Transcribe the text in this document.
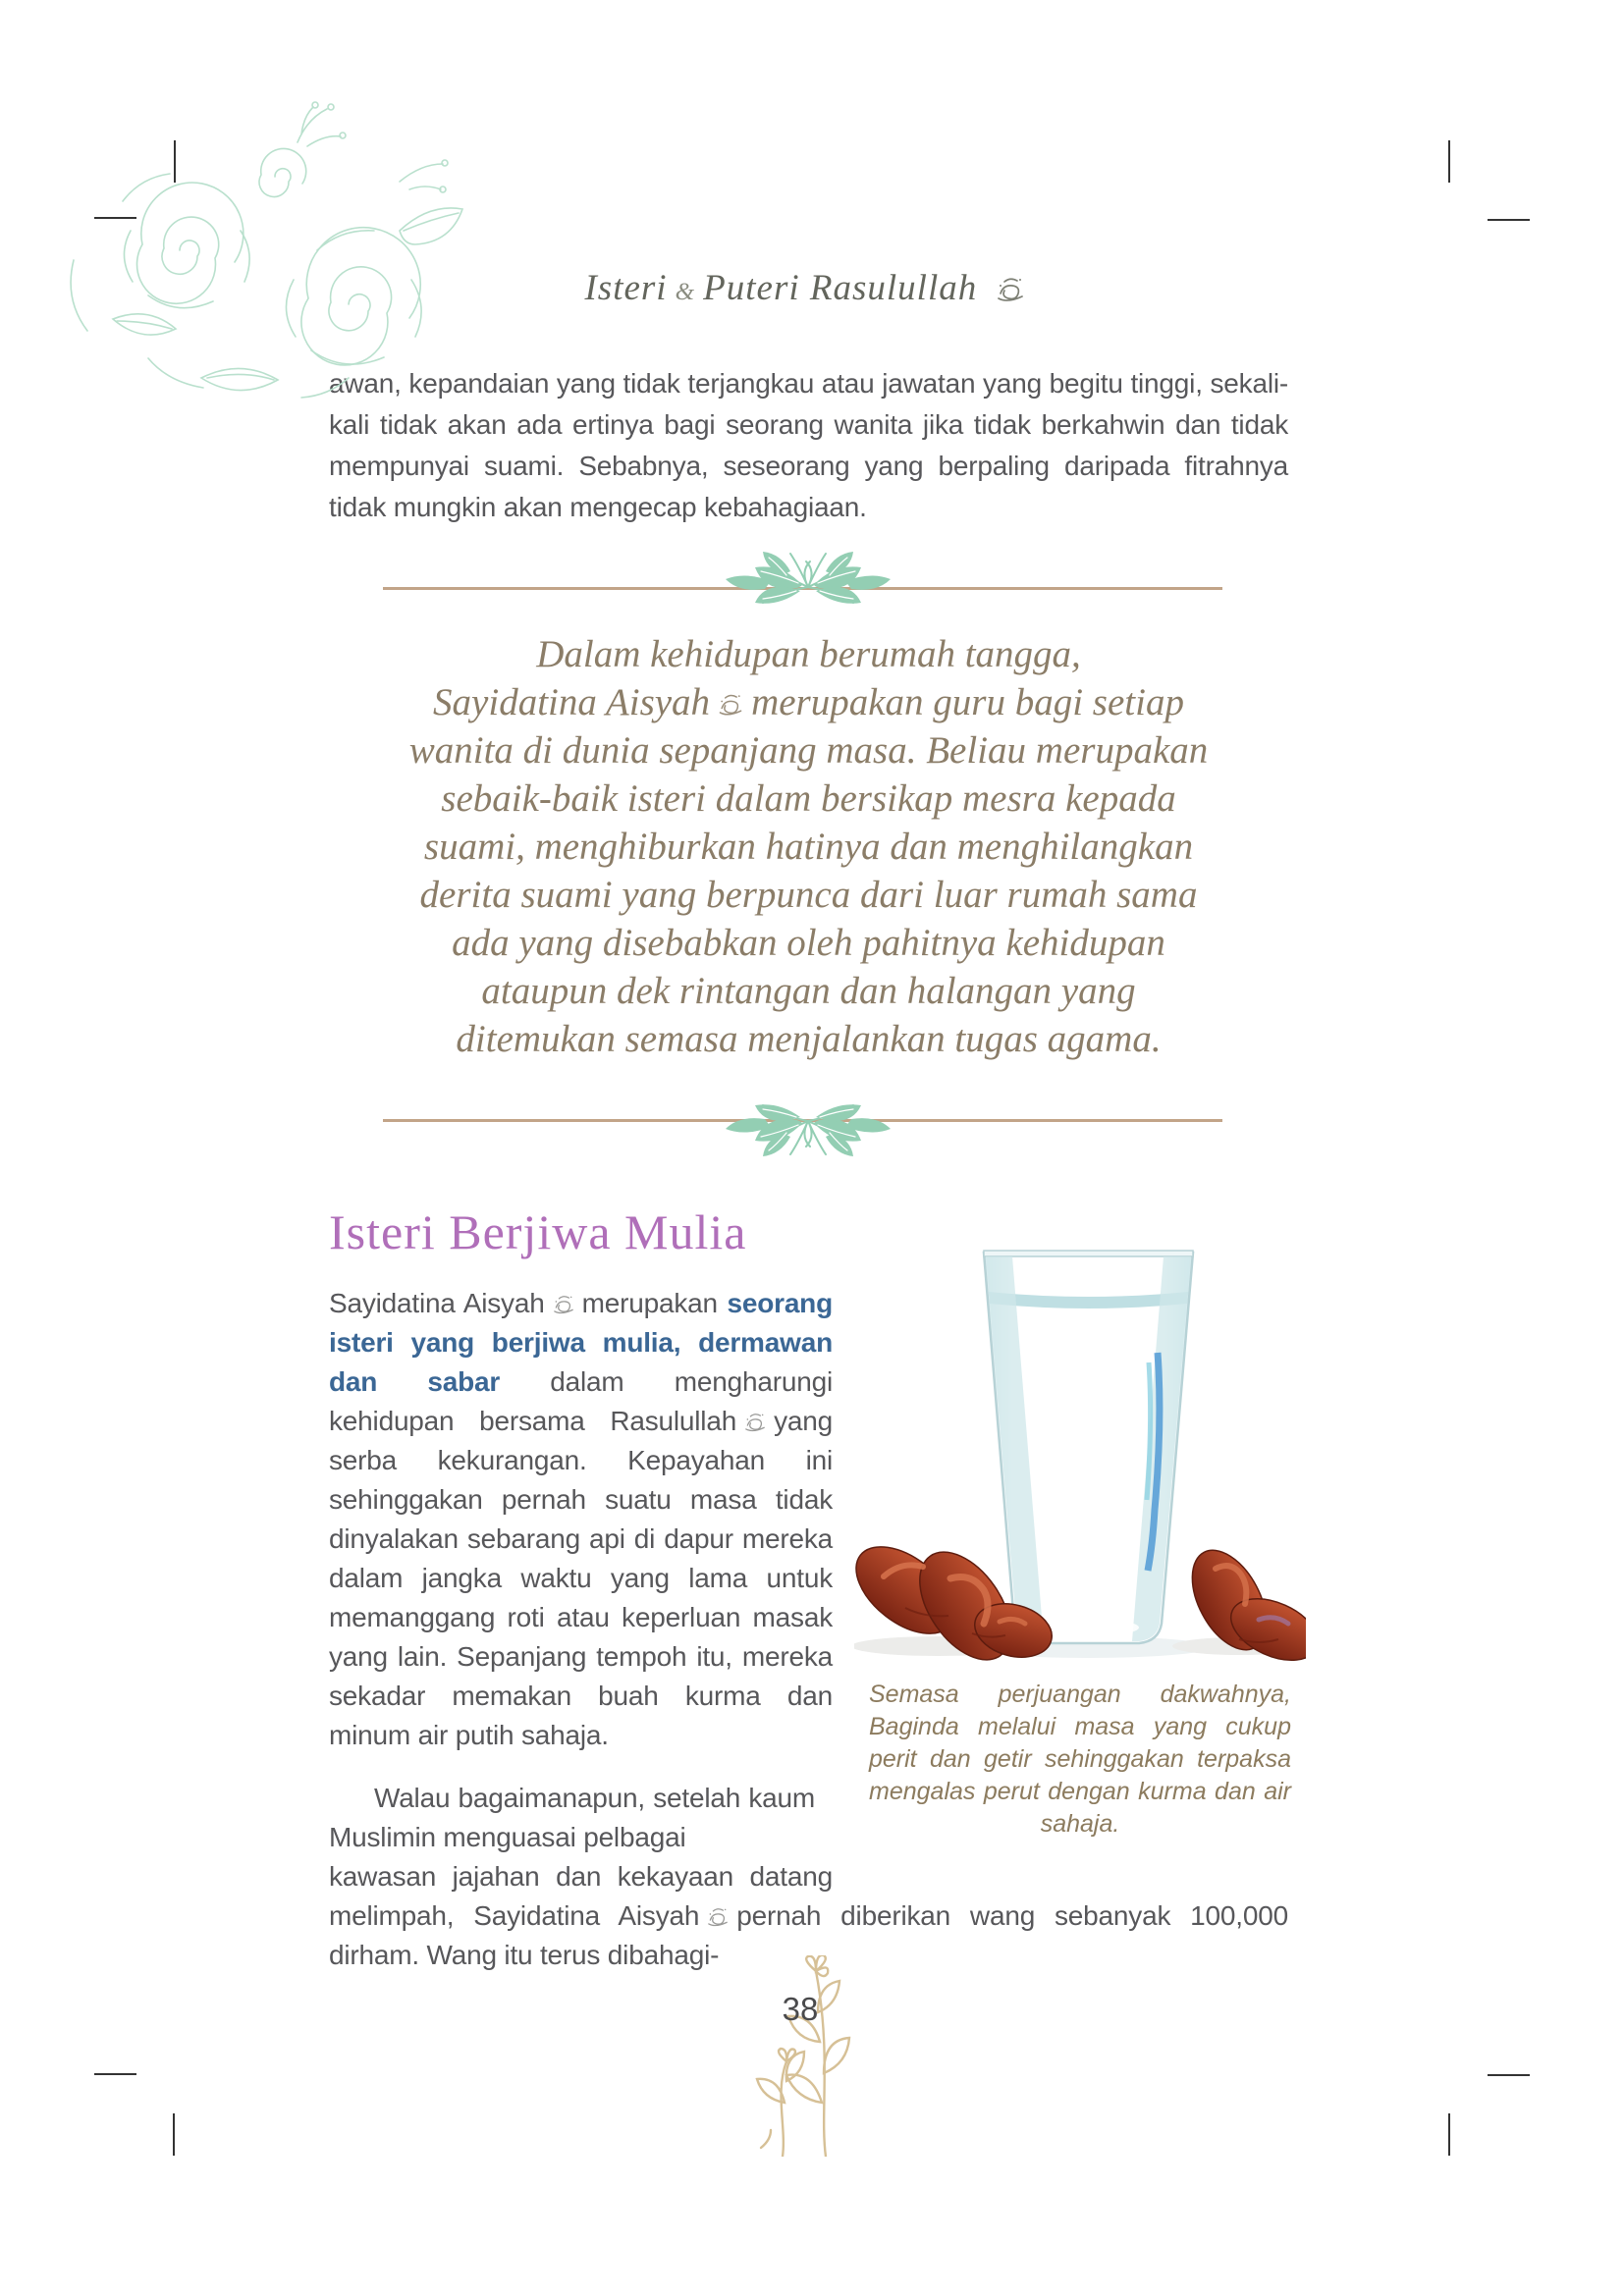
Isteri & Puteri Rasulullah

awan, kepandaian yang tidak terjangkau atau jawatan yang begitu tinggi, sekali-kali tidak akan ada ertinya bagi seorang wanita jika tidak berkahwin dan tidak mempunyai suami. Sebabnya, seseorang yang berpaling daripada fitrahnya tidak mungkin akan mengecap kebahagiaan.

Dalam kehidupan berumah tangga,

Sayidatina Aisyah merupakan guru bagi setiap

wanita di dunia sepanjang masa. Beliau merupakan

sebaik-baik isteri dalam bersikap mesra kepada

suami, menghiburkan hatinya dan menghilangkan

derita suami yang berpunca dari luar rumah sama

ada yang disebabkan oleh pahitnya kehidupan

ataupun dek rintangan dan halangan yang

ditemukan semasa menjalankan tugas agama.

Isteri Berjiwa Mulia

Semasa perjuangan dakwahnya, Baginda melalui masa yang cukup perit dan getir sehinggakan terpaksa mengalas perut dengan kurma dan air sahaja.

Sayidatina Aisyah merupakan seorang isteri yang berjiwa mulia, dermawan dan sabar dalam mengharungi kehidupan bersama Rasulullah yang serba kekurangan. Kepayahan ini sehinggakan pernah suatu masa tidak dinyalakan sebarang api di dapur mereka dalam jangka waktu yang lama untuk memanggang roti atau keperluan masak yang lain. Sepanjang tempoh itu, mereka sekadar memakan buah kurma dan minum air putih sahaja.

Walau bagaimanapun, setelah kaum Muslimin menguasai pelbagai

kawasan jajahan dan kekayaan datang melimpah, Sayidatina Aisyah pernah diberikan wang sebanyak 100,000 dirham. Wang itu terus dibahagi-

38
